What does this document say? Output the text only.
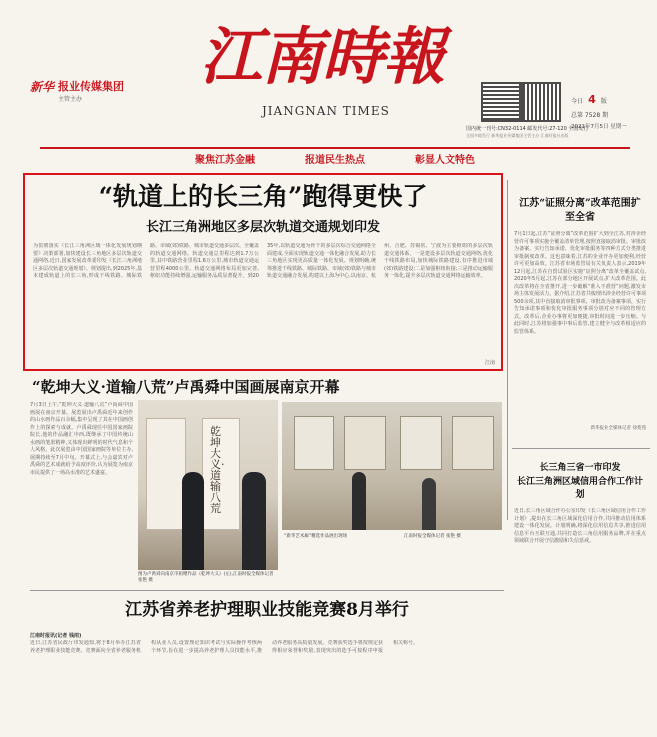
新华 报业传媒集团
主管主办
江南時報
JIANGNAN TIMES
今日 4 版
总第 7528 期
2021年7月5日 星期一
国内统一刊号:CN32-0114 邮发代号:27-120 全国发行
全国多地发行 新华报业传媒集团主管主办 江南时报社出版
聚焦江苏金融	报道民生热点	彰显人文特色
“轨道上的长三角”跑得更快了
长江三角洲地区多层次轨道交通规划印发
为贯彻落实《长江三角洲区域一体化发展规划纲要》决策部署,加快建设长三角地区多层次轨道交通网络,近日,国家发展改革委印发《长江三角洲地区多层次轨道交通规划》。规划提出,到2025年,基本建成轨道上的长三角,形成干线铁路、城际铁路、市域(郊)铁路、城市轨道交通多层次、全覆盖的轨道交通网络。轨道交通总里程达到1.7万公里,其中铁路营业里程1.6万公里,城市轨道交通运营里程4000公里。轨道交通网络布局更加完善,枢纽功能持续增强,运输服务品质显著提升。到2035年,以轨道交通为骨干的多层次综合交通网络全面建成,全面实现轨道交通一体化融合发展,助力长三角地区实现更高质量一体化发展。规划明确,统筹推进干线铁路、城际铁路、市域(郊)铁路与城市轨道交通融合发展,构建以上海为中心,以南京、杭州、合肥、苏锡常、宁波为主要枢纽的多层次轨道交通体系。一是建设多层次轨道交通网络,优化干线铁路布局,加快城际铁路建设,有序推进市域(郊)铁路建设;二是加强枢纽衔接;三是推动运输服务一体化,提升多层次轨道交通网络运输效率。
江南
江苏“证照分离”改革范围扩至全省
7月1日起,江苏“证照分离”改革范围扩大到全江苏,对涉企经营许可事项实施全覆盖清单管理,按照直接取消审批、审批改为备案、实行告知承诺、优化审批服务等四种方式分类推进审批制度改革。这也意味着,江苏的企业开办更加便利,经营许可更加高效。江苏省市场监管局有关负责人表示,2019年12月起,江苏在自贸试验区实施“证照分离”改革全覆盖试点,2020年5月起,江苏在部分地区开展试点,扩大改革范围。此次改革将在全省推开,进一步破解“准入不准营”问题,激发市场主体发展活力。据介绍,江苏省共梳理出涉企经营许可事项500余项,其中直接取消审批事项、审批改为备案事项、实行告知承诺事项和优化审批服务事项分别对应不同的管理方式。改革后,企业办事将更加便捷,审批时间进一步压缩。与此同时,江苏将加强事中事后监管,建立健全与改革相适应的监管体系。
新华报业全媒体记者 徐苑苑
“乾坤大义·道输八荒”卢禹舜中国画展南京开幕
7月3日上午,“乾坤大义·道输八荒”卢禹舜中国画展在南京开幕。展览展出卢禹舜近年来创作的山水画作品百余幅,集中呈现了其在中国画创作上的探索与成就。卢禹舜现任中国国家画院院长,他的作品融汇中西,既继承了中国传统山水画的笔墨精神,又体现出鲜明的时代气息和个人风格。此次展览由中国国家画院等单位主办,展期持续至7月中旬。开幕式上,与会嘉宾对卢禹舜的艺术成就给予高度评价,认为展览为南京市民提供了一场高水准的艺术盛宴。
乾坤大义·道输八荒
图为卢禹舜向南京市捐赠作品《乾坤大义》(左),江南时报全媒体记者 张艳 摄
“新华艺术廊”精选作品展出现场	江南时报全媒体记者 张艳 摄
长三角三省一市印发
长江三角洲区域信用合作工作计划
近日,长三角区域合作办公室印发《长三角区域信用合作工作计划》,提出在长三角区域深化信用合作,共同推动信用体系建设一体化发展。计划明确,将深化信用信息共享,推进信用信息平台互联互通,共同打造长三角信用服务品牌,并在重点领域联合开展守信激励和失信惩戒。
江苏省养老护理职业技能竞赛8月举行
江南时报讯(记者 钱雨)
近日,江苏省民政厅印发通知,将于8月举办江苏省养老护理职业技能竞赛。竞赛面向全省养老服务机构从业人员,设置理论知识考试与实际操作考核两个环节,旨在进一步提高养老护理人员技能水平,推动养老服务高质量发展。竞赛获奖选手将按规定获得相应荣誉和奖励,表现突出的选手可按程序申报相关称号。
